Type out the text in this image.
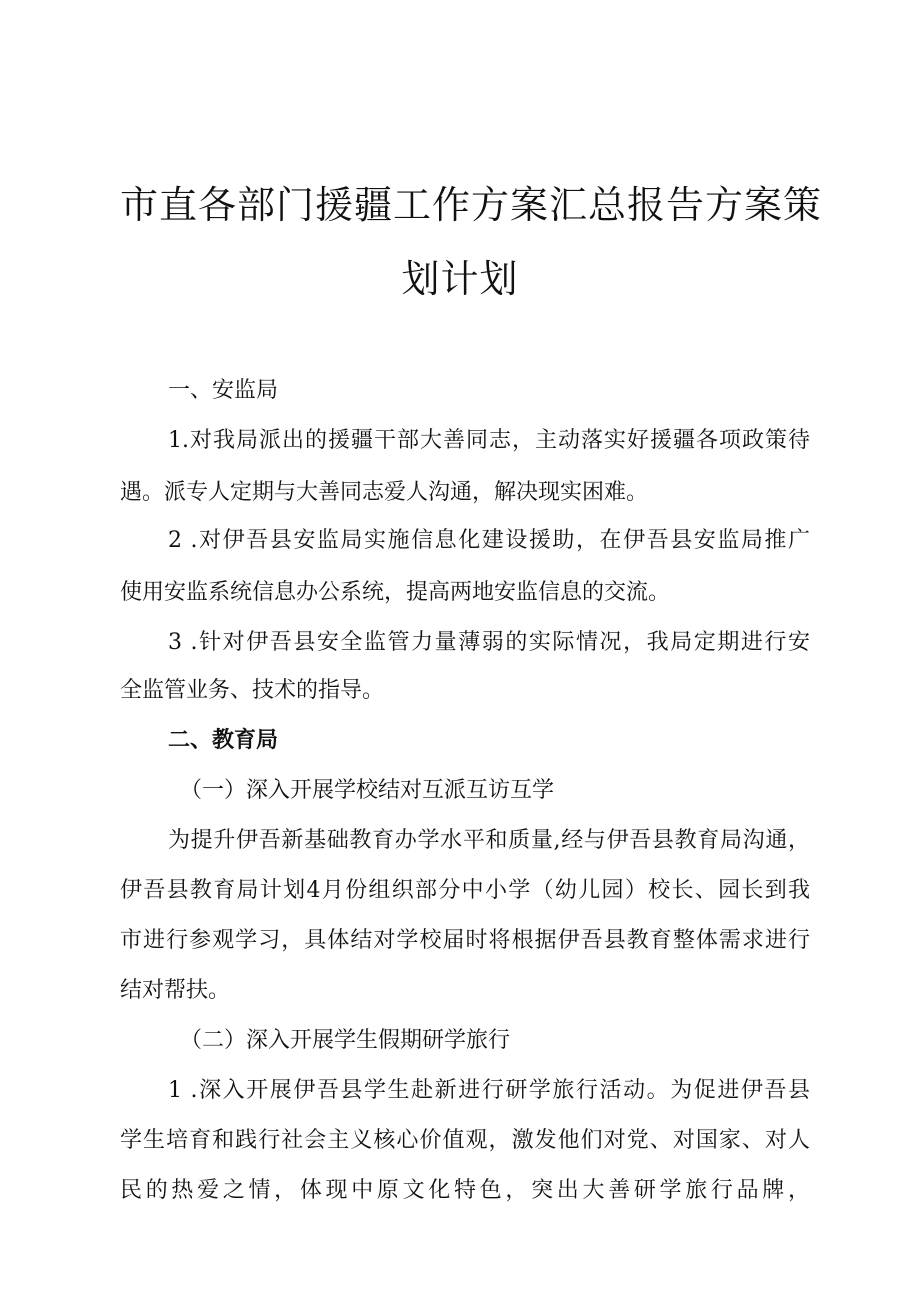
市直各部门援疆工作方案汇总报告方案策
划计划

一、安监局

1.对我局派出的援疆干部大善同志，主动落实好援疆各项政策待

遇。派专人定期与大善同志爱人沟通，解决现实困难。

2 .对伊吾县安监局实施信息化建设援助，在伊吾县安监局推广

使用安监系统信息办公系统，提高两地安监信息的交流。

3 .针对伊吾县安全监管力量薄弱的实际情况，我局定期进行安

全监管业务、技术的指导。

二、教育局

（一）深入开展学校结对互派互访互学

为提升伊吾新基础教育办学水平和质量,经与伊吾县教育局沟通，

伊吾县教育局计划4月份组织部分中小学（幼儿园）校长、园长到我

市进行参观学习，具体结对学校届时将根据伊吾县教育整体需求进行

结对帮扶。

（二）深入开展学生假期研学旅行

1 .深入开展伊吾县学生赴新进行研学旅行活动。为促进伊吾县

学生培育和践行社会主义核心价值观，激发他们对党、对国家、对人

民的热爱之情，体现中原文化特色，突出大善研学旅行品牌，
